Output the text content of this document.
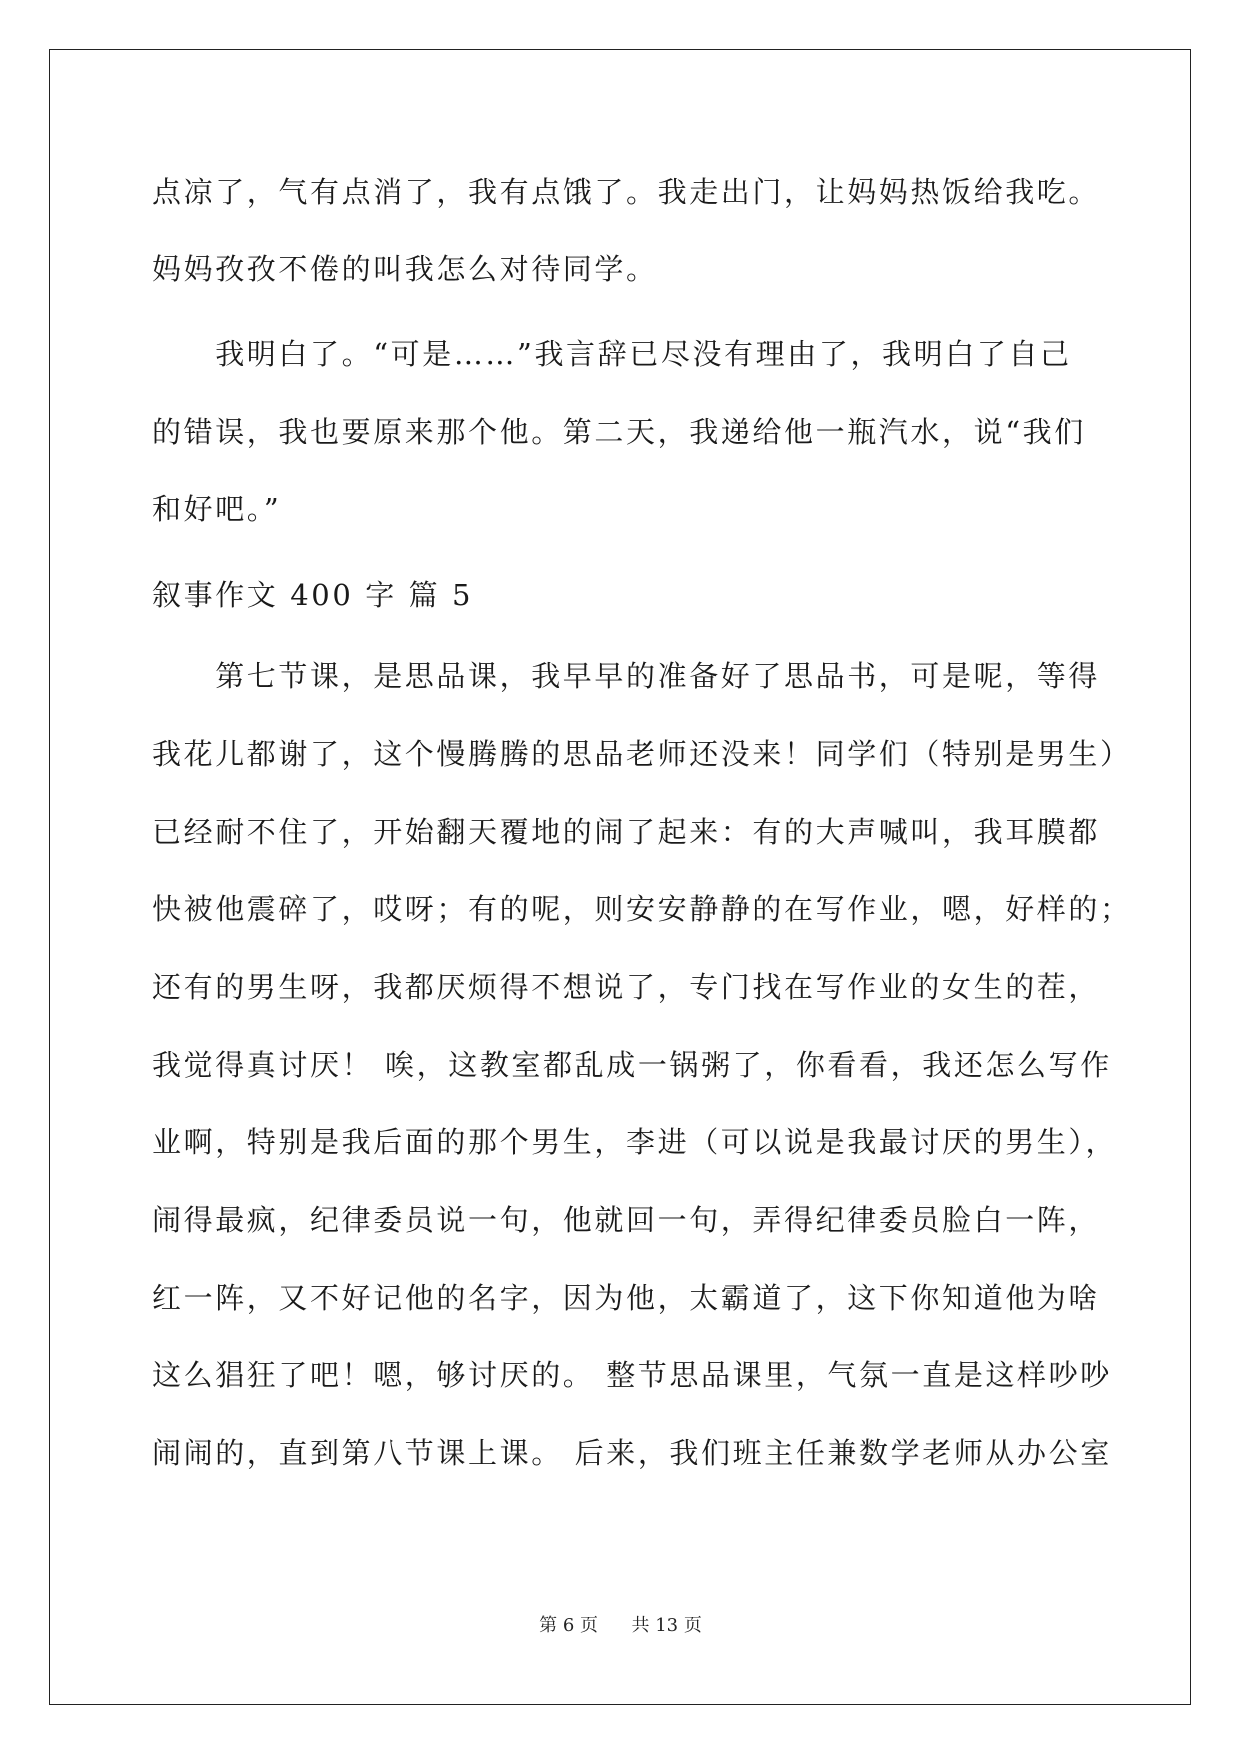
点凉了，气有点消了，我有点饿了。我走出门，让妈妈热饭给我吃。
妈妈孜孜不倦的叫我怎么对待同学。
　　我明白了。“可是……”我言辞已尽没有理由了，我明白了自己
的错误，我也要原来那个他。第二天，我递给他一瓶汽水，说“我们
和好吧。”
叙事作文 400 字 篇 5
　　第七节课，是思品课，我早早的准备好了思品书，可是呢，等得
我花儿都谢了，这个慢腾腾的思品老师还没来！同学们（特别是男生）
已经耐不住了，开始翻天覆地的闹了起来：有的大声喊叫，我耳膜都
快被他震碎了，哎呀；有的呢，则安安静静的在写作业，嗯，好样的；
还有的男生呀，我都厌烦得不想说了，专门找在写作业的女生的茬，
我觉得真讨厌！ 唉，这教室都乱成一锅粥了，你看看，我还怎么写作
业啊，特别是我后面的那个男生，李进（可以说是我最讨厌的男生），
闹得最疯，纪律委员说一句，他就回一句，弄得纪律委员脸白一阵，
红一阵，又不好记他的名字，因为他，太霸道了，这下你知道他为啥
这么猖狂了吧！嗯，够讨厌的。 整节思品课里，气氛一直是这样吵吵
闹闹的，直到第八节课上课。 后来，我们班主任兼数学老师从办公室
第 6 页 共 13 页
